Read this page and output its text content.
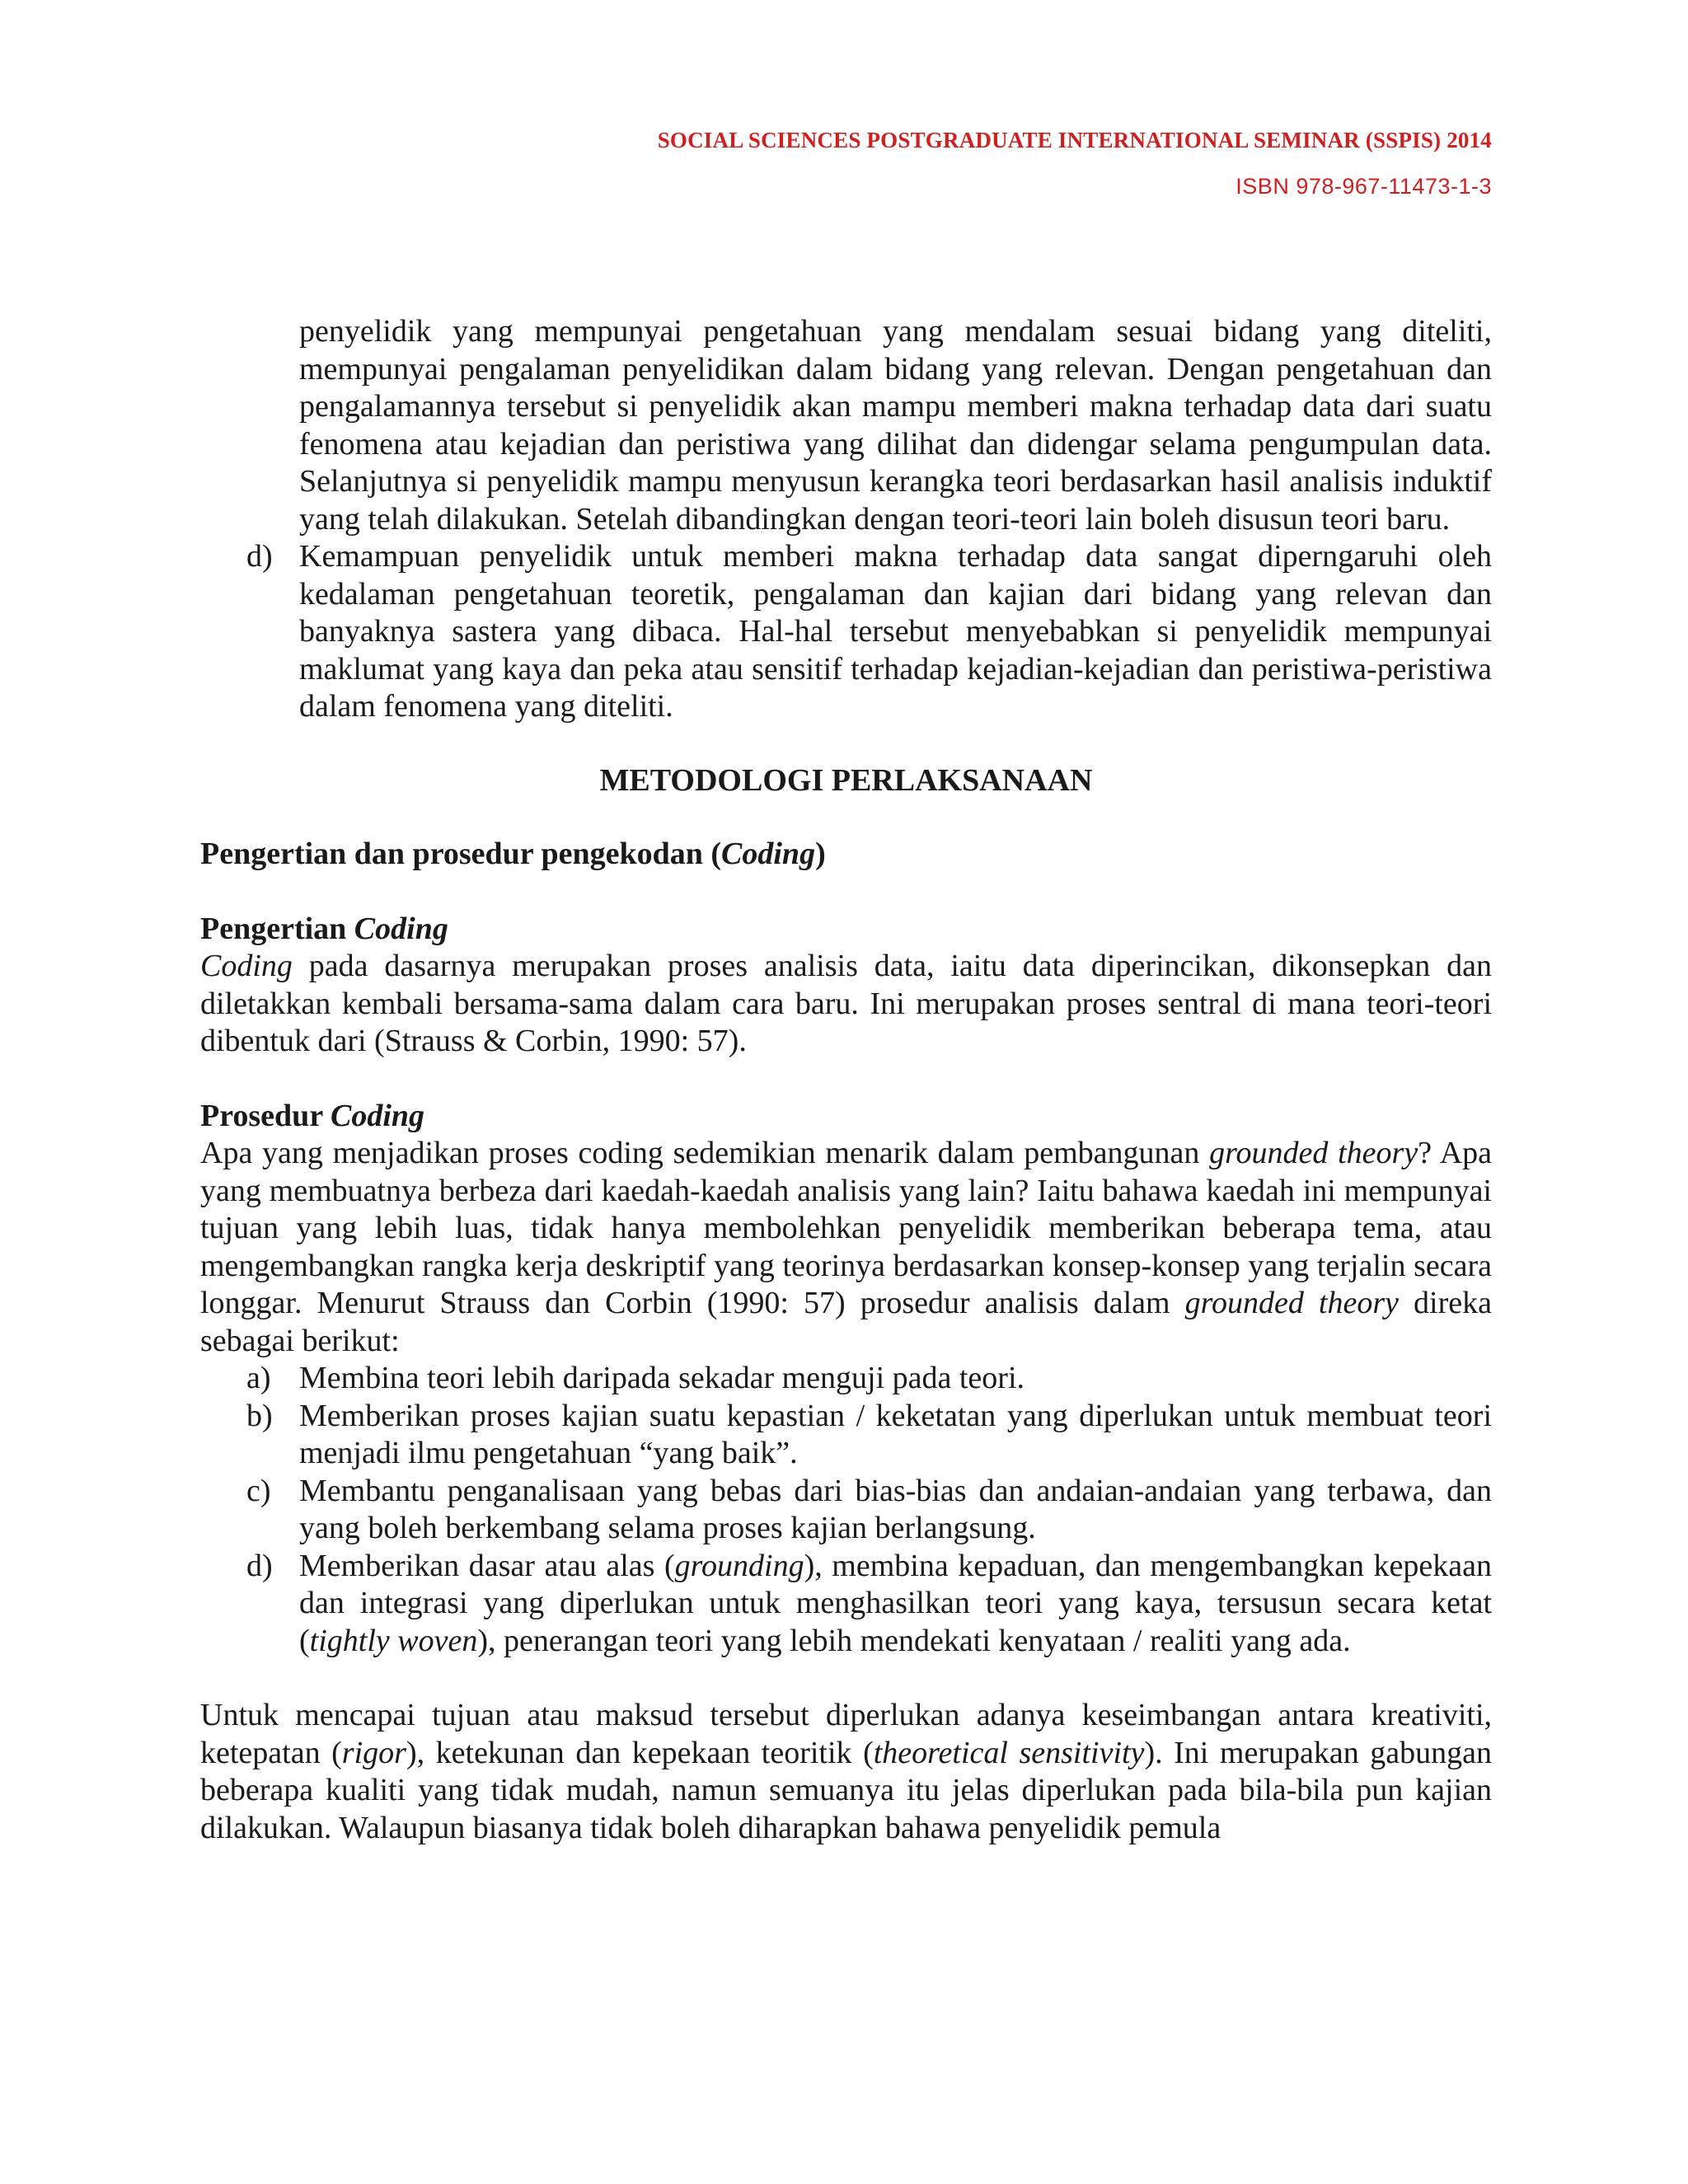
SOCIAL SCIENCES POSTGRADUATE INTERNATIONAL SEMINAR (SSPIS) 2014
ISBN 978-967-11473-1-3

penyelidik yang mempunyai pengetahuan yang mendalam sesuai bidang yang diteliti, mempunyai pengalaman penyelidikan dalam bidang yang relevan. Dengan pengetahuan dan pengalamannya tersebut si penyelidik akan mampu memberi makna terhadap data dari suatu fenomena atau kejadian dan peristiwa yang dilihat dan didengar selama pengumpulan data. Selanjutnya si penyelidik mampu menyusun kerangka teori berdasarkan hasil analisis induktif yang telah dilakukan. Setelah dibandingkan dengan teori-teori lain boleh disusun teori baru.

d) Kemampuan penyelidik untuk memberi makna terhadap data sangat diperngaruhi oleh kedalaman pengetahuan teoretik, pengalaman dan kajian dari bidang yang relevan dan banyaknya sastera yang dibaca. Hal-hal tersebut menyebabkan si penyelidik mempunyai maklumat yang kaya dan peka atau sensitif terhadap kejadian-kejadian dan peristiwa-peristiwa dalam fenomena yang diteliti.
METODOLOGI PERLAKSANAAN
Pengertian dan prosedur pengekodan (Coding)
Pengertian Coding

Coding pada dasarnya merupakan proses analisis data, iaitu data diperincikan, dikonsepkan dan diletakkan kembali bersama-sama dalam cara baru. Ini merupakan proses sentral di mana teori-teori dibentuk dari (Strauss & Corbin, 1990: 57).

Prosedur Coding

Apa yang menjadikan proses coding sedemikian menarik dalam pembangunan grounded theory? Apa yang membuatnya berbeza dari kaedah-kaedah analisis yang lain? Iaitu bahawa kaedah ini mempunyai tujuan yang lebih luas, tidak hanya membolehkan penyelidik memberikan beberapa tema, atau mengembangkan rangka kerja deskriptif yang teorinya berdasarkan konsep-konsep yang terjalin secara longgar. Menurut Strauss dan Corbin (1990: 57) prosedur analisis dalam grounded theory direka sebagai berikut:

a) Membina teori lebih daripada sekadar menguji pada teori.
b) Memberikan proses kajian suatu kepastian / keketatan yang diperlukan untuk membuat teori menjadi ilmu pengetahuan “yang baik”.
c) Membantu penganalisaan yang bebas dari bias-bias dan andaian-andaian yang terbawa, dan yang boleh berkembang selama proses kajian berlangsung.
d) Memberikan dasar atau alas (grounding), membina kepaduan, dan mengembangkan kepekaan dan integrasi yang diperlukan untuk menghasilkan teori yang kaya, tersusun secara ketat (tightly woven), penerangan teori yang lebih mendekati kenyataan / realiti yang ada.

Untuk mencapai tujuan atau maksud tersebut diperlukan adanya keseimbangan antara kreativiti, ketepatan (rigor), ketekunan dan kepekaan teoritik (theoretical sensitivity). Ini merupakan gabungan beberapa kualiti yang tidak mudah, namun semuanya itu jelas diperlukan pada bila-bila pun kajian dilakukan. Walaupun biasanya tidak boleh diharapkan bahawa penyelidik pemula
